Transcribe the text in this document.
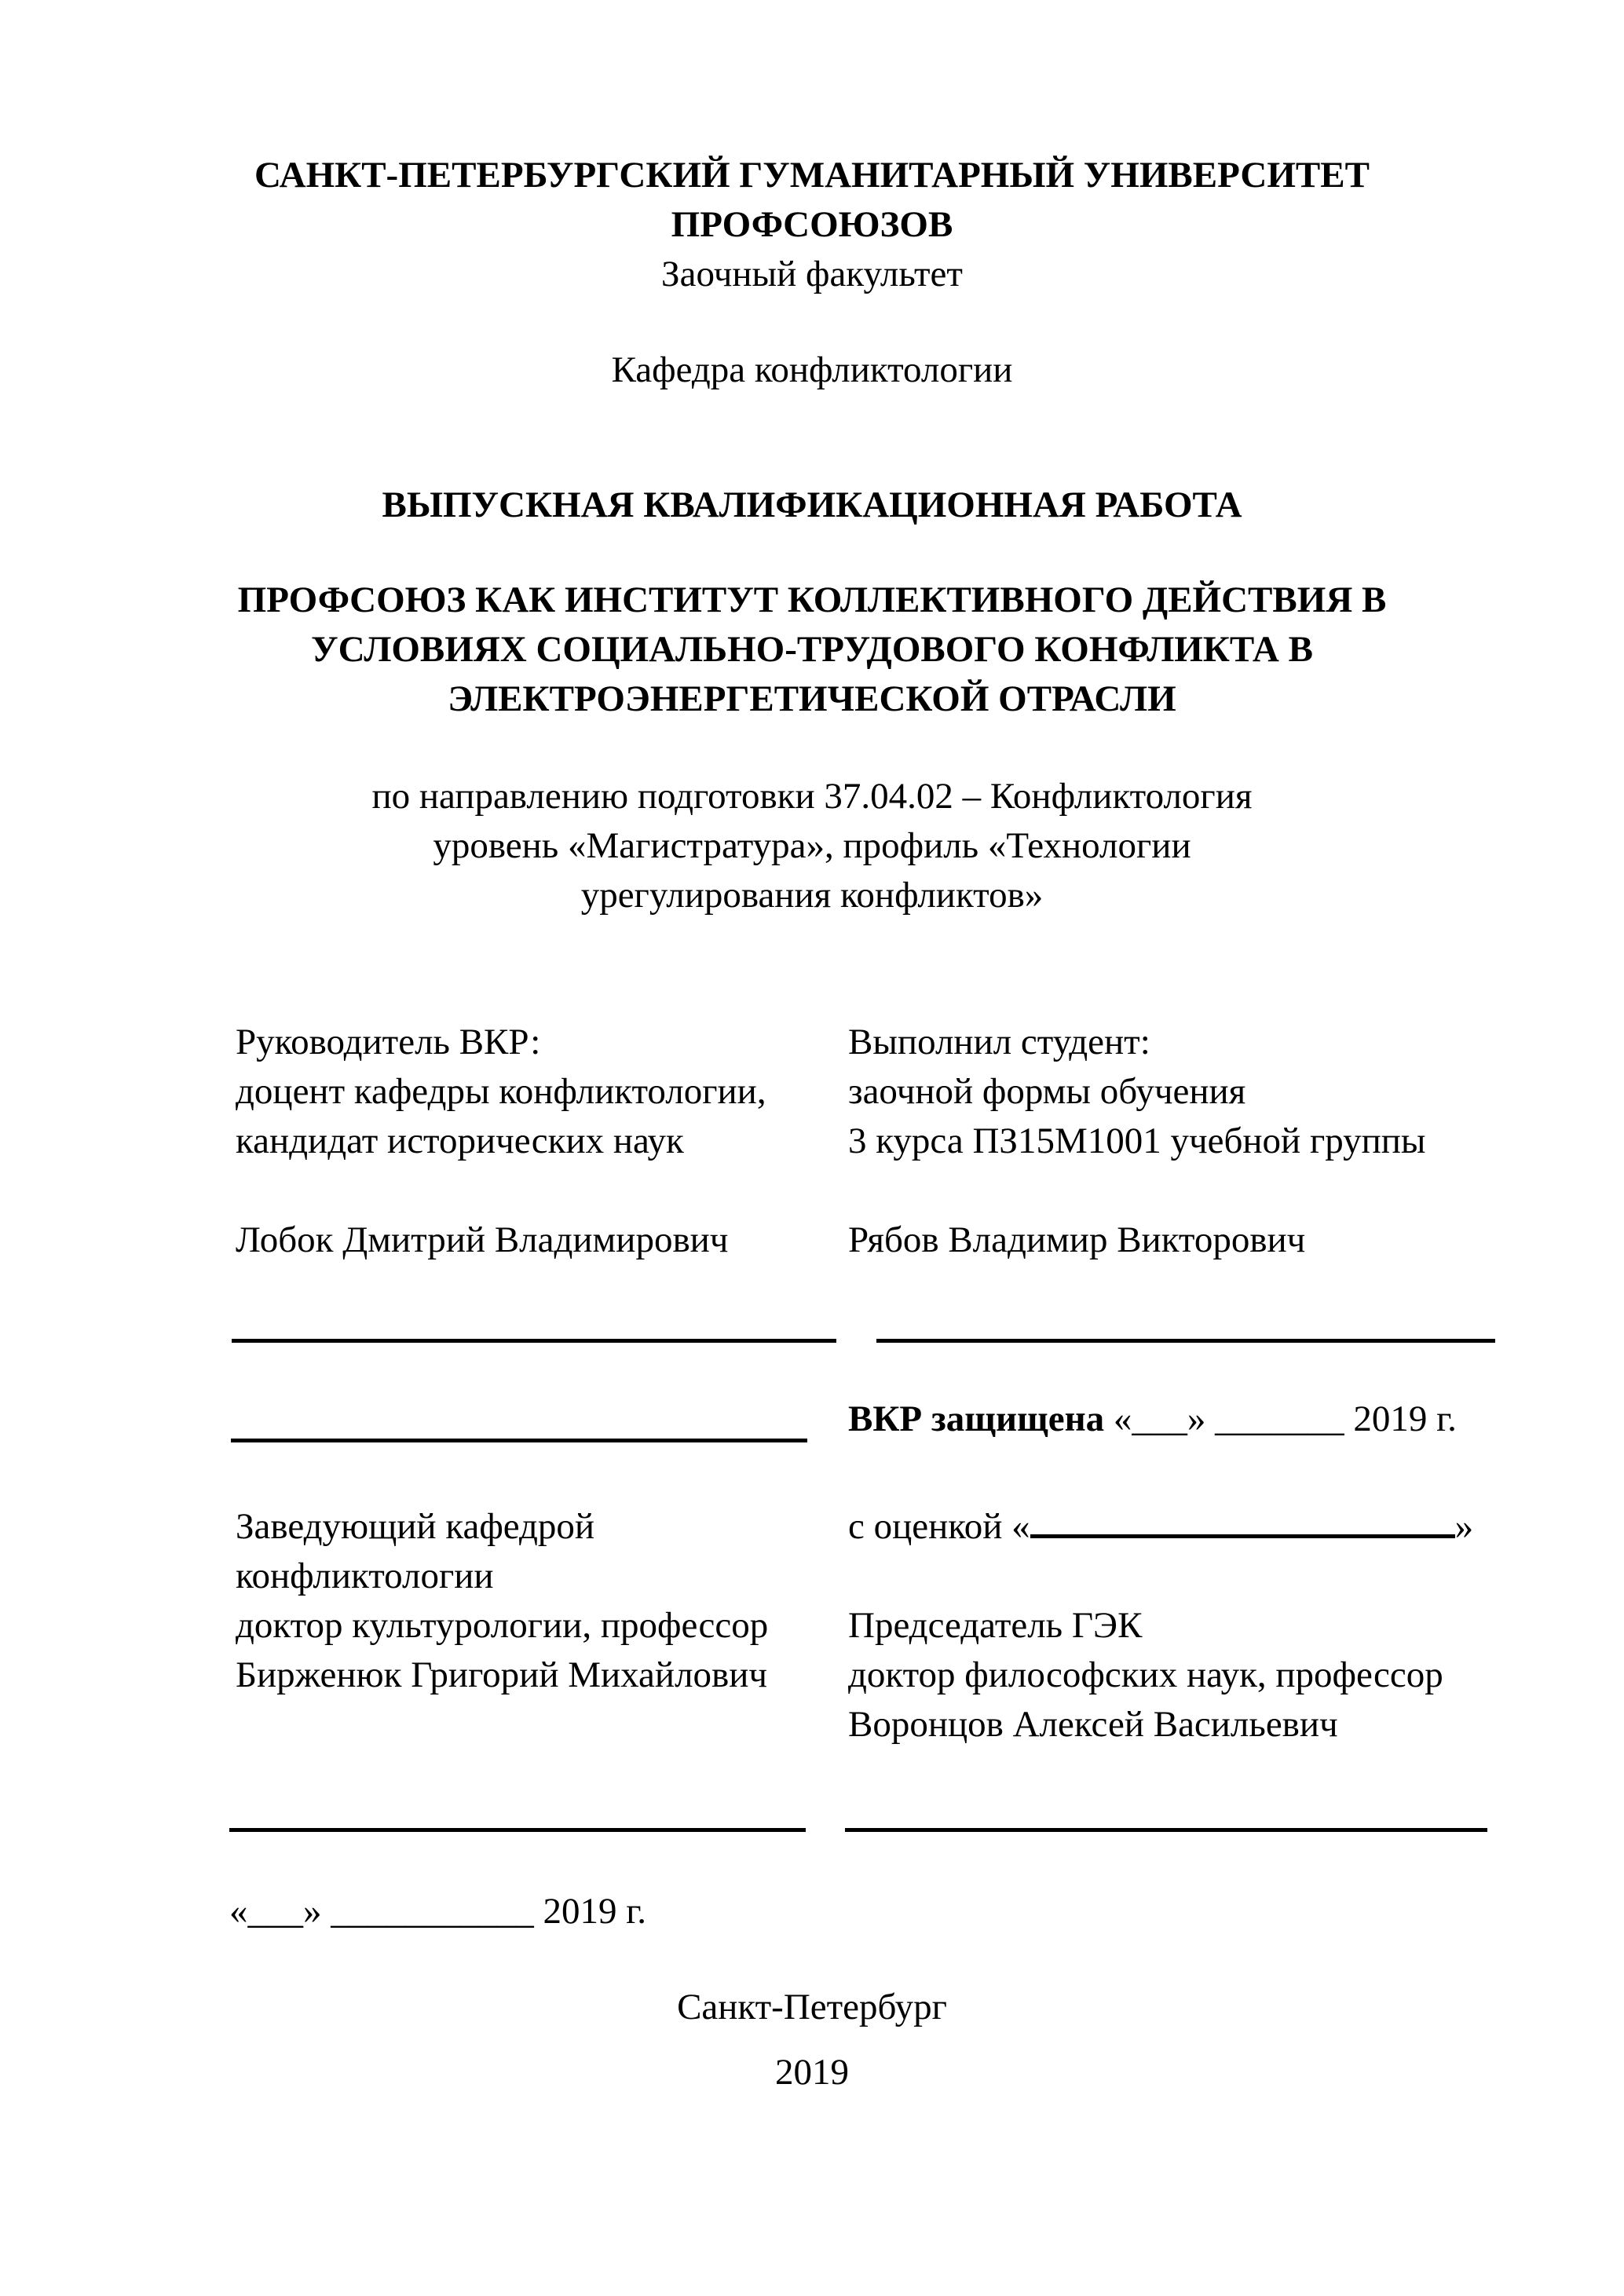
САНКТ-ПЕТЕРБУРГСКИЙ ГУМАНИТАРНЫЙ УНИВЕРСИТЕТ
ПРОФСОЮЗОВ
Заочный факультет
Кафедра конфликтологии
ВЫПУСКНАЯ КВАЛИФИКАЦИОННАЯ РАБОТА
ПРОФСОЮЗ КАК ИНСТИТУТ КОЛЛЕКТИВНОГО ДЕЙСТВИЯ В
УСЛОВИЯХ СОЦИАЛЬНО-ТРУДОВОГО КОНФЛИКТА В
ЭЛЕКТРОЭНЕРГЕТИЧЕСКОЙ ОТРАСЛИ
по направлению подготовки 37.04.02 – Конфликтология
уровень «Магистратура», профиль «Технологии
урегулирования конфликтов»
Руководитель ВКР:
доцент кафедры конфликтологии,
кандидат исторических наук
Лобок Дмитрий Владимирович
Выполнил студент:
заочной формы обучения
3 курса ПЗ15М1001 учебной группы
Рябов Владимир Викторович
ВКР защищена «___» _______ 2019 г.
Заведующий кафедрой
конфликтологии
доктор культурологии, профессор
Бирженюк Григорий Михайлович
с оценкой «	»
Председатель ГЭК
доктор философских наук, профессор
Воронцов Алексей Васильевич
«___» ___________ 2019 г.
Санкт-Петербург
2019
